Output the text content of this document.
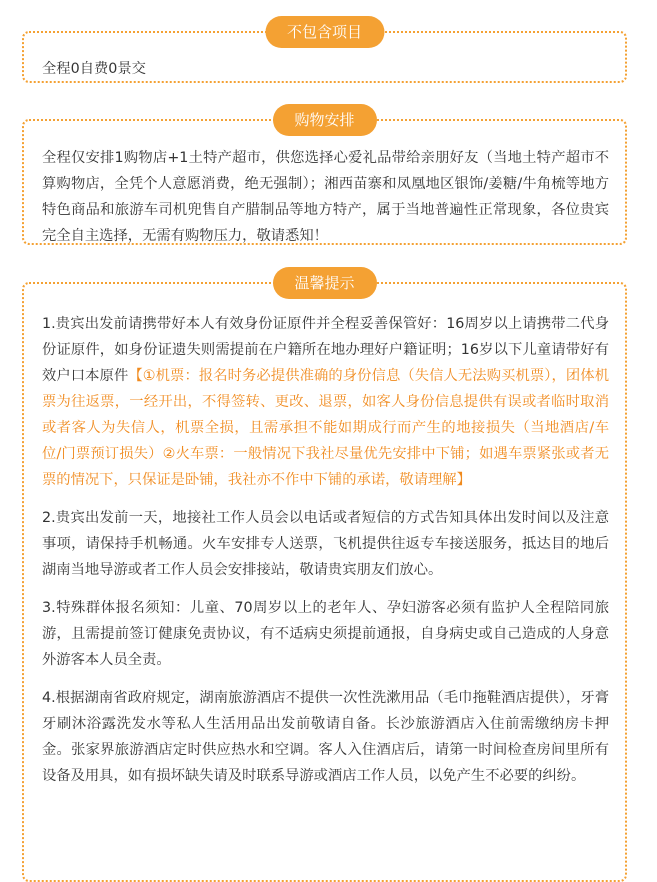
不包含项目
全程0自费0景交
购物安排
全程仅安排1购物店+1土特产超市，供您选择心爱礼品带给亲朋好友（当地土特产超市不算购物店，全凭个人意愿消费，绝无强制）；湘西苗寨和凤凰地区银饰/姜糖/牛角梳等地方特色商品和旅游车司机兜售自产腊制品等地方特产，属于当地普遍性正常现象，各位贵宾完全自主选择，无需有购物压力，敬请悉知！
温馨提示

1.贵宾出发前请携带好本人有效身份证原件并全程妥善保管好：16周岁以上请携带二代身份证原件，如身份证遗失则需提前在户籍所在地办理好户籍证明；16岁以下儿童请带好有效户口本原件【①机票：报名时务必提供准确的身份信息（失信人无法购买机票），团体机票为往返票，一经开出，不得签转、更改、退票，如客人身份信息提供有误或者临时取消或者客人为失信人，机票全损，且需承担不能如期成行而产生的地接损失（当地酒店/车位/门票预订损失）②火车票：一般情况下我社尽量优先安排中下铺；如遇车票紧张或者无票的情况下，只保证是卧铺，我社亦不作中下铺的承诺，敬请理解】

2.贵宾出发前一天，地接社工作人员会以电话或者短信的方式告知具体出发时间以及注意事项，请保持手机畅通。火车安排专人送票，飞机提供往返专车接送服务，抵达目的地后湖南当地导游或者工作人员会安排接站，敬请贵宾朋友们放心。

3.特殊群体报名须知：儿童、70周岁以上的老年人、孕妇游客必须有监护人全程陪同旅游，且需提前签订健康免责协议，有不适病史须提前通报，自身病史或自己造成的人身意外游客本人员全责。

4.根据湖南省政府规定，湖南旅游酒店不提供一次性洗漱用品（毛巾拖鞋酒店提供），牙膏牙刷沐浴露洗发水等私人生活用品出发前敬请自备。长沙旅游酒店入住前需缴纳房卡押金。张家界旅游酒店定时供应热水和空调。客人入住酒店后，请第一时间检查房间里所有设备及用具，如有损坏缺失请及时联系导游或酒店工作人员，以免产生不必要的纠纷。
